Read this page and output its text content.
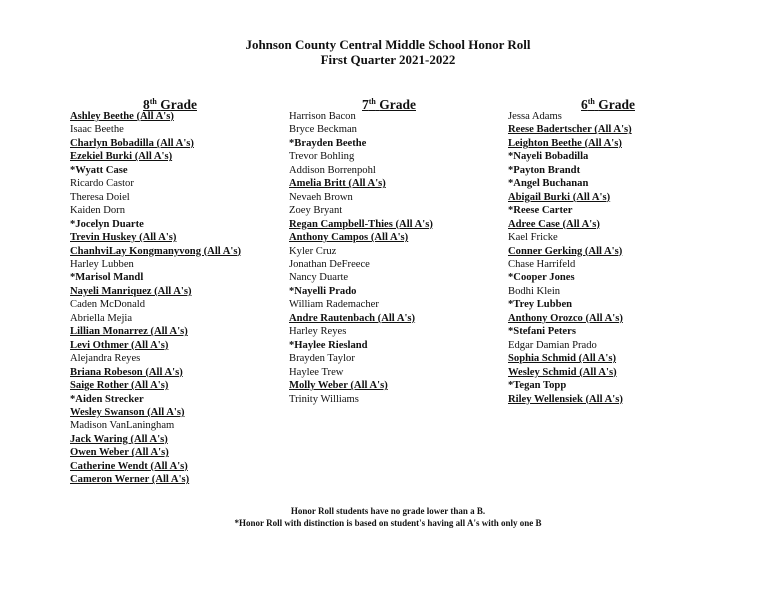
Johnson County Central Middle School Honor Roll
First Quarter 2021-2022
8th Grade
Ashley Beethe (All A's)
Isaac Beethe
Charlyn Bobadilla (All A's)
Ezekiel Burki (All A's)
*Wyatt Case
Ricardo Castor
Theresa Doiel
Kaiden Dorn
*Jocelyn Duarte
Trevin Huskey (All A's)
ChanhviLay Kongmanyvong (All A's)
Harley Lubben
*Marisol Mandl
Nayeli Manriquez (All A's)
Caden McDonald
Abriella Mejia
Lillian Monarrez (All A's)
Levi Othmer (All A's)
Alejandra Reyes
Briana Robeson (All A's)
Saige Rother (All A's)
*Aiden Strecker
Wesley Swanson (All A's)
Madison VanLaningham
Jack Waring (All A's)
Owen Weber (All A's)
Catherine Wendt (All A's)
Cameron Werner (All A's)
7th Grade
Harrison Bacon
Bryce Beckman
*Brayden Beethe
Trevor Bohling
Addison Borrenpohl
Amelia Britt (All A's)
Nevaeh Brown
Zoey Bryant
Regan Campbell-Thies (All A's)
Anthony Campos (All A's)
Kyler Cruz
Jonathan DeFreece
Nancy Duarte
*Nayelli Prado
William Rademacher
Andre Rautenbach (All A's)
Harley Reyes
*Haylee Riesland
Brayden Taylor
Haylee Trew
Molly Weber (All A's)
Trinity Williams
6th Grade
Jessa Adams
Reese Badertscher (All A's)
Leighton Beethe (All A's)
*Nayeli Bobadilla
*Payton Brandt
*Angel Buchanan
Abigail Burki (All A's)
*Reese Carter
Adree Case (All A's)
Kael Fricke
Conner Gerking (All A's)
Chase Harrifeld
*Cooper Jones
Bodhi Klein
*Trey Lubben
Anthony Orozco (All A's)
*Stefani Peters
Edgar Damian Prado
Sophia Schmid (All A's)
Wesley Schmid (All A's)
*Tegan Topp
Riley Wellensiek (All A's)
Honor Roll students have no grade lower than a B.
*Honor Roll with distinction is based on student's having all A's with only one B
